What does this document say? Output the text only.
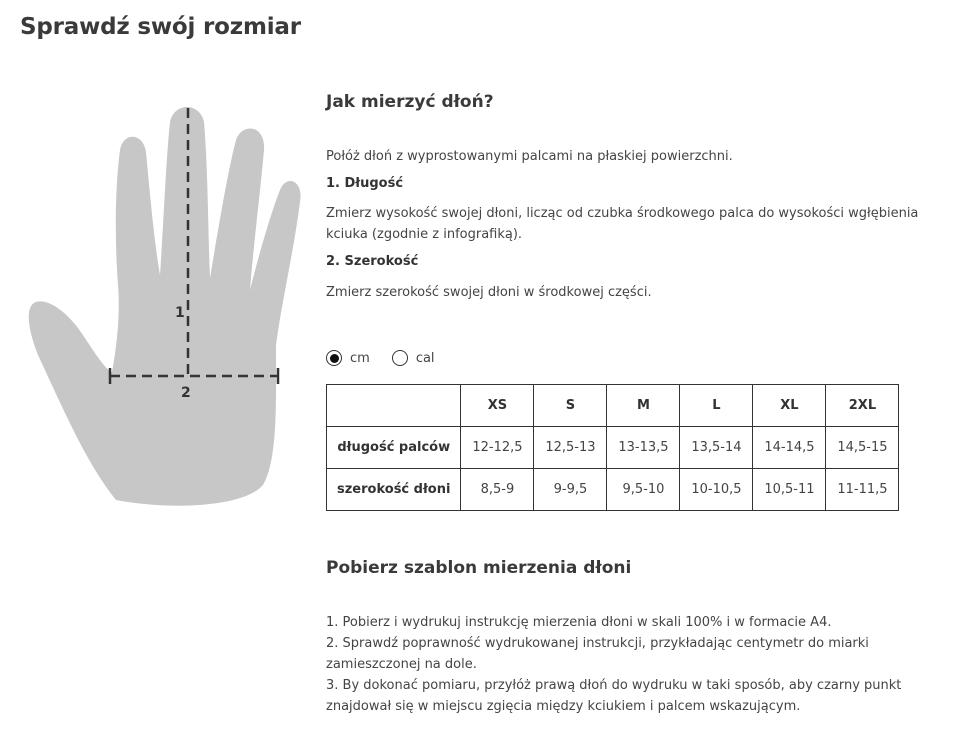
Sprawdź swój rozmiar
1
2
Jak mierzyć dłoń?

Połóż dłoń z wyprostowanymi palcami na płaskiej powierzchni.

1. Długość

Zmierz wysokość swojej dłoni, licząc od czubka środkowego palca do wysokości wgłębienia kciuka (zgodnie z infografiką).

2. Szerokość

Zmierz szerokość swojej dłoni w środkowej części.

cm	cal
	XS	S	M	L	XL	2XL
długość palców	12-12,5	12,5-13	13-13,5	13,5-14	14-14,5	14,5-15
szerokość dłoni	8,5-9	9-9,5	9,5-10	10-10,5	10,5-11	11-11,5
Pobierz szablon mierzenia dłoni
1. Pobierz i wydrukuj instrukcję mierzenia dłoni w skali 100% i w formacie A4.
2. Sprawdź poprawność wydrukowanej instrukcji, przykładając centymetr do miarki zamieszczonej na dole.
3. By dokonać pomiaru, przyłóż prawą dłoń do wydruku w taki sposób, aby czarny punkt znajdował się w miejscu zgięcia między kciukiem i palcem wskazującym.
